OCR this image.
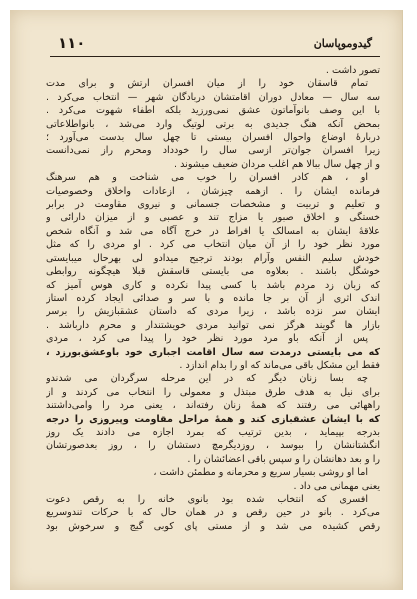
۱۱۰	گیدوموپاسان
تصور داشت .
تمام قاسقان خود را از میان افسران ارتش و برای مدت
سه سال — معادل دوران اقامتشان دربادگان شهر — انتخاب می‌کرد .
با این وصف بانوآماتون عشق نمی‌ورزید بلکه اطفاء شهوت می‌کرد .
بمحض آنکه هنگ جدیدی به برتی لوتیگ وارد می‌شد ، بانواطلاعاتی
دربارهٔ اوضاع واحوال افسران بیستی تا چهل سال بدست می‌آورد ؛
زیرا افسران جوان‌تر ازسی سال را خودداد ومحرم راز نمی‌دانست
و از چهل سال ببالا هم اغلب مردان ضعیف میشوند .
او ، هم کادر افسران را خوب می شناخت و هم سرهنگ
فرمانده ایشان را . ازهمه چیزشان ، ازعادات واخلاق وخصوصیات
و تعلیم و تربیت و مشخصات جسمانی و نیروی مقاومت در برابر
خستگی و اخلاق صبور یا مزاج تند و عصبی و از میزان دارائی و
علاقهٔ ایشان به امسالک یا افراط در خرج آگاه می شد و آنگاه شخص
مورد نظر خود را از آن میان انتخاب می کرد . او مردی را که مثل
خودش سلیم النفس وآرام بودند ترجیح میدادو لی بهرحال میبایستی
خوشگل باشند . بعلاوه می بایستی قاسقش قبلا هیچگونه روابطی
که زبان زد مردم باشد با کسی پیدا نکرده و کاری هوس آمیز که
اندک اثری از آن بر جا مانده و با سر و صدائی ایجاد کرده استاز
ایشان سر نزده باشد ، زیرا مردی که داستان عشقبازیش را برسر
بازار ها گویند هرگز نمی توانید مردی خویشتندار و محرم دارباشد .
پس از آنکه باو مرد مورد نظر خود را پیدا می کرد ، مردی
که می بایستی درمدت سه سال اقامت اجباری خود باوعشق‌بورزد ،
فقط این مشکل باقی می‌ماند که او را بدام اندازد .
چه بسا زنان دیگر که در این مرحله سرگردان می شدندو
برای نیل به هدف طرق مبتذل و معمولی را انتخاب می کردند و از
راههائی می رفتند که همهٔ زنان رفته‌اند ، یعنی مرد را وامی‌داشتند
که با ایشان عشقبازی کند و همهٔ مراحل مقاومت وپیروزی را درجه
بدرجه بپیماید ، بدین ترتیب که بمرد اجازه می دادند یک روز
انگشتانشان را ببوسد ، روزدیگرمچ دستشان را ، روز بعدصورتشان
را و بعد دهانشان را و سپس باقی اعضائشان را .
اما او روشی بسیار سریع و محرمانه و مطمئن داشت ،
یعنی مهمانی می داد .
افسری که انتخاب شده بود بانوی خانه را به رقص دعوت
می‌کرد . بانو در حین رقص و در همان حال که با حرکات تندوسریع
رقص کشیده می شد و از مستی پای کوبی گیج و سرخوش بود
